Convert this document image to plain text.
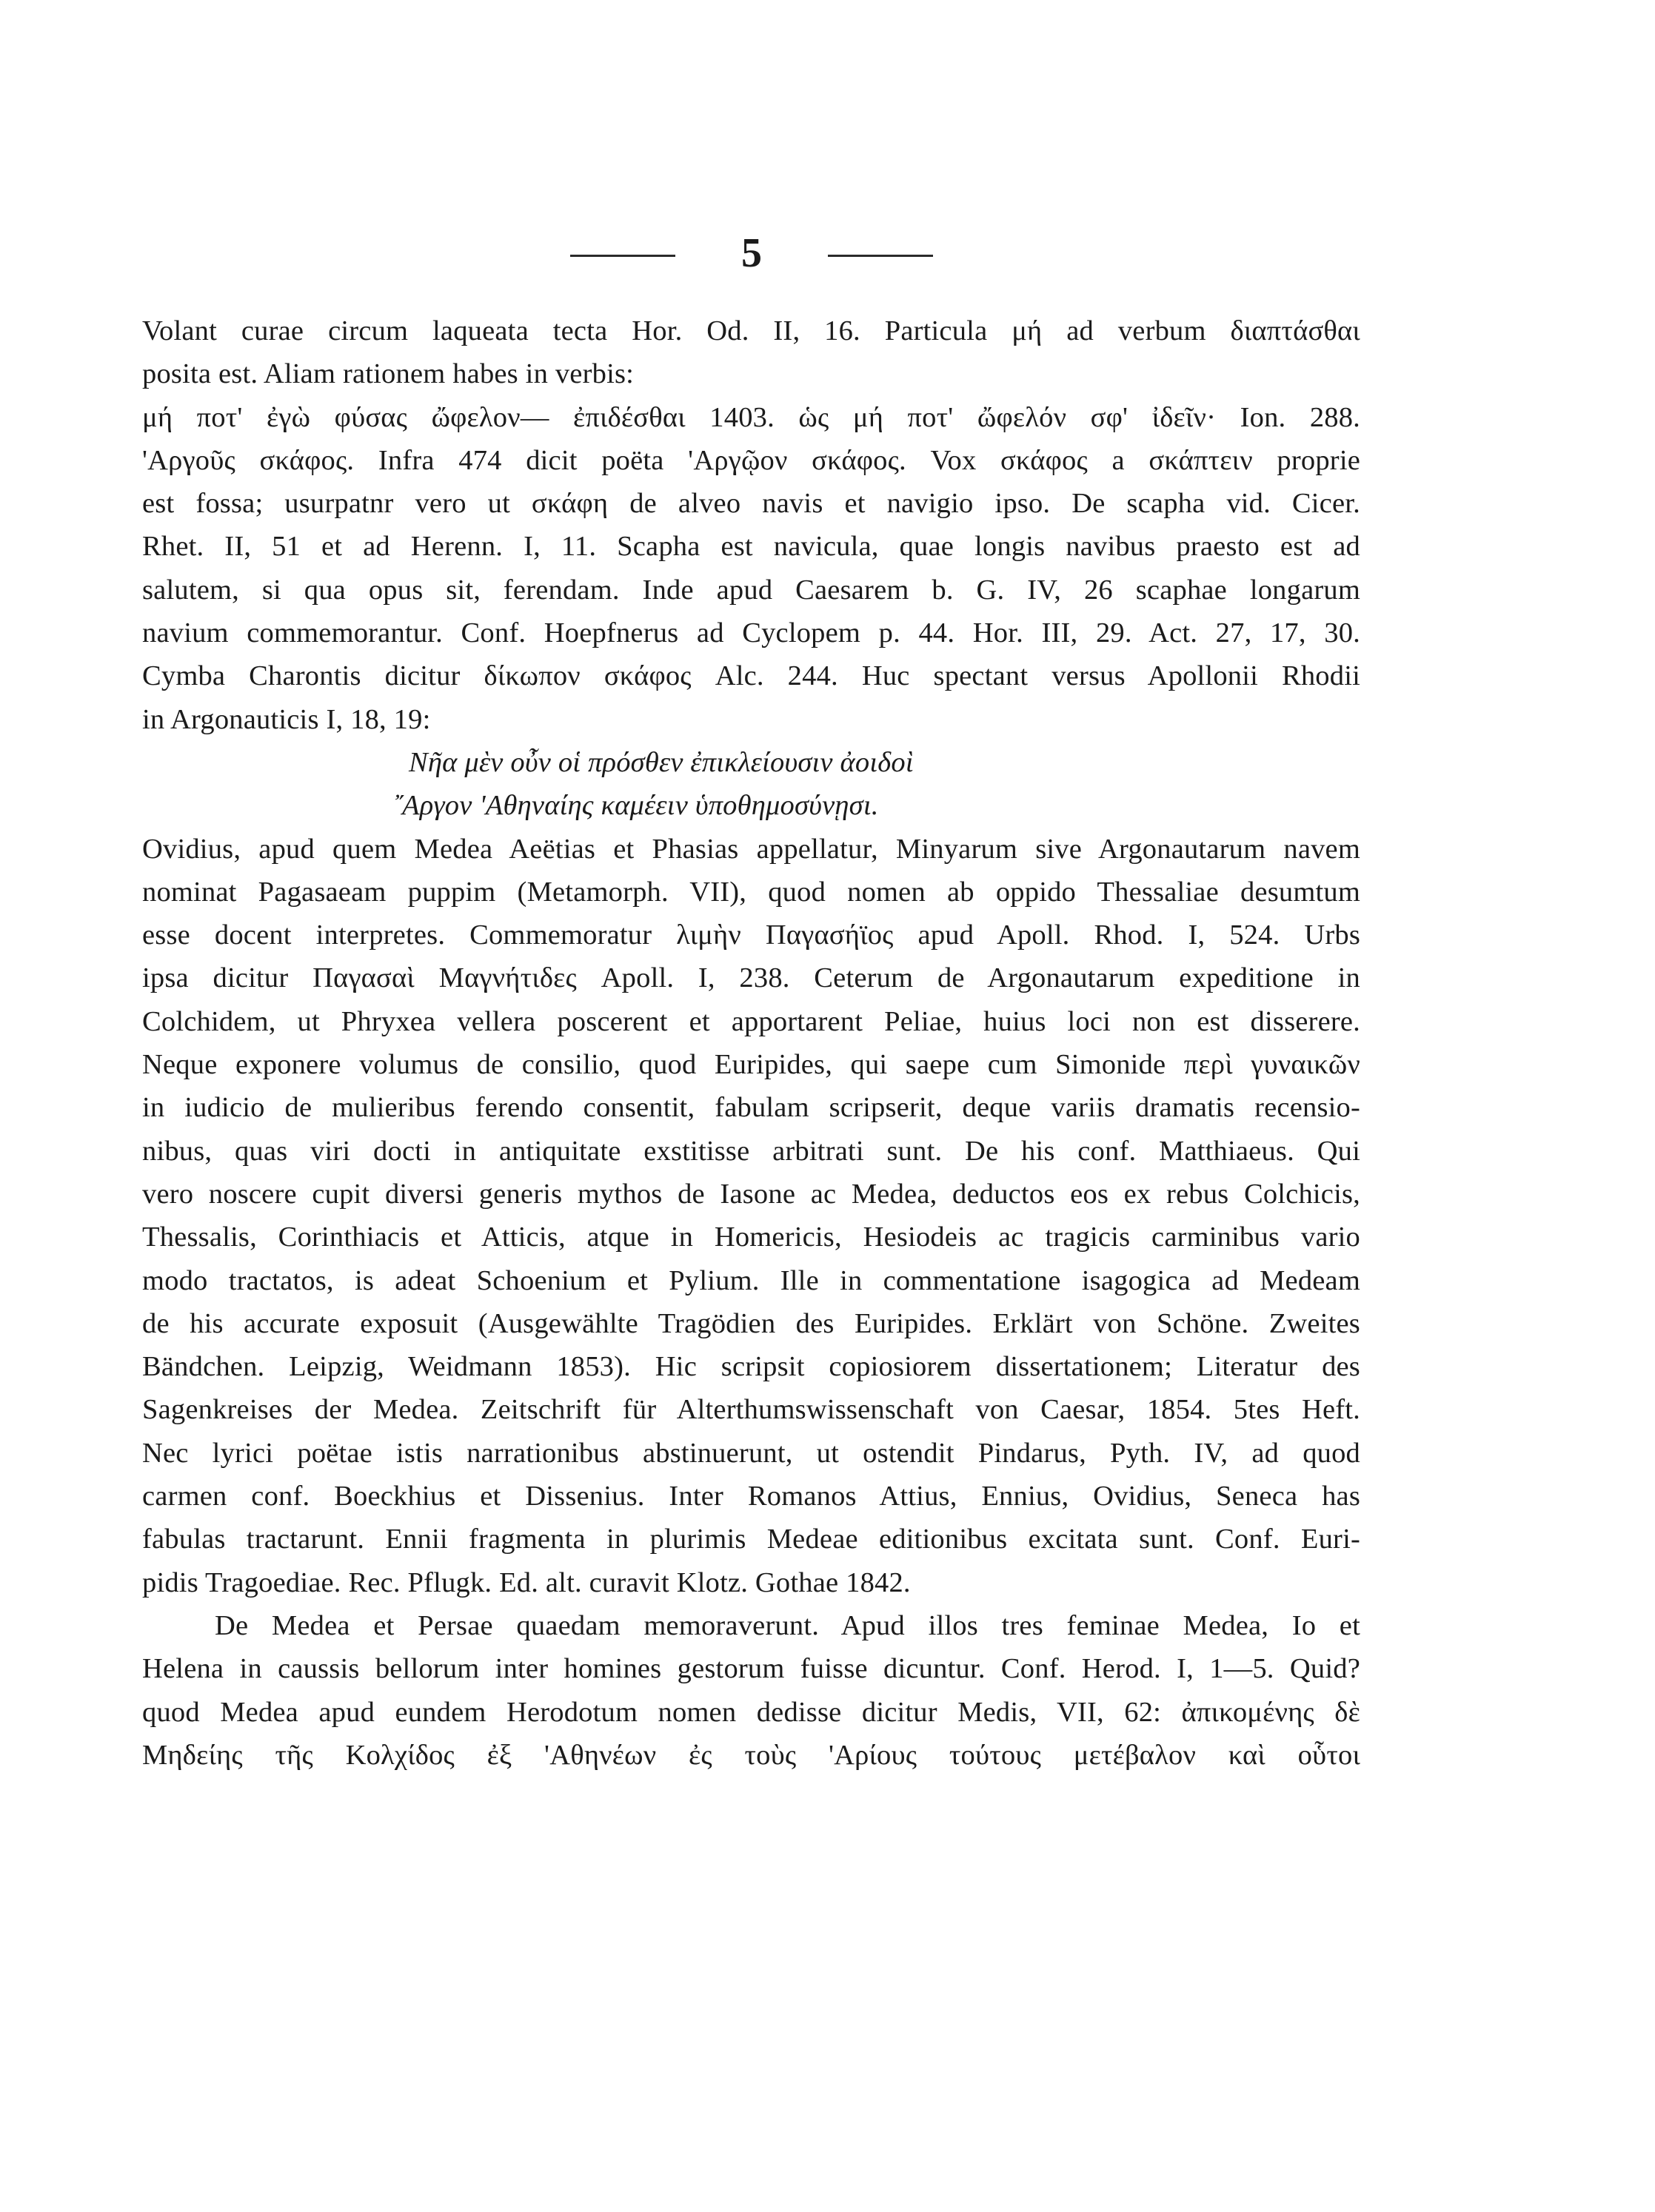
5
Volant curae circum laqueata tecta Hor. Od. II, 16. Particula μή ad verbum διαπτάσθαι
posita est. Aliam rationem habes in verbis:
μή ποτ' ἐγὼ φύσας ὤφελον— ἐπιδέσθαι 1403. ὡς μή ποτ' ὤφελόν σφ' ἰδεῖν· Ion. 288.
'Αργοῦς σκάφος. Infra 474 dicit poëta 'Αργῷον σκάφος. Vox σκάφος a σκάπτειν proprie
est fossa; usurpatnr vero ut σκάφη de alveo navis et navigio ipso. De scapha vid. Cicer.
Rhet. II, 51 et ad Herenn. I, 11. Scapha est navicula, quae longis navibus praesto est ad
salutem, si qua opus sit, ferendam. Inde apud Caesarem b. G. IV, 26 scaphae longarum
navium commemorantur. Conf. Hoepfnerus ad Cyclopem p. 44. Hor. III, 29. Act. 27, 17, 30.
Cymba Charontis dicitur δίκωπον σκάφος Alc. 244. Huc spectant versus Apollonii Rhodii
in Argonauticis I, 18, 19:
Νῆα μὲν οὖν οἱ πρόσθεν ἐπικλείουσιν ἀοιδοὶ
῎Αργον 'Αθηναίης καμέειν ὑποθημοσύνῃσι.
Ovidius, apud quem Medea Aeëtias et Phasias appellatur, Minyarum sive Argonautarum navem
nominat Pagasaeam puppim (Metamorph. VII), quod nomen ab oppido Thessaliae desumtum
esse docent interpretes. Commemoratur λιμὴν Παγασήϊος apud Apoll. Rhod. I, 524. Urbs
ipsa dicitur Παγασαὶ Μαγνήτιδες Apoll. I, 238. Ceterum de Argonautarum expeditione in
Colchidem, ut Phryxea vellera poscerent et apportarent Peliae, huius loci non est disserere.
Neque exponere volumus de consilio, quod Euripides, qui saepe cum Simonide περὶ γυναικῶν
in iudicio de mulieribus ferendo consentit, fabulam scripserit, deque variis dramatis recensio-
nibus, quas viri docti in antiquitate exstitisse arbitrati sunt. De his conf. Matthiaeus. Qui
vero noscere cupit diversi generis mythos de Iasone ac Medea, deductos eos ex rebus Colchicis,
Thessalis, Corinthiacis et Atticis, atque in Homericis, Hesiodeis ac tragicis carminibus vario
modo tractatos, is adeat Schoenium et Pylium. Ille in commentatione isagogica ad Medeam
de his accurate exposuit (Ausgewählte Tragödien des Euripides. Erklärt von Schöne. Zweites
Bändchen. Leipzig, Weidmann 1853). Hic scripsit copiosiorem dissertationem; Literatur des
Sagenkreises der Medea. Zeitschrift für Alterthumswissenschaft von Caesar, 1854. 5tes Heft.
Nec lyrici poëtae istis narrationibus abstinuerunt, ut ostendit Pindarus, Pyth. IV, ad quod
carmen conf. Boeckhius et Dissenius. Inter Romanos Attius, Ennius, Ovidius, Seneca has
fabulas tractarunt. Ennii fragmenta in plurimis Medeae editionibus excitata sunt. Conf. Euri-
pidis Tragoediae. Rec. Pflugk. Ed. alt. curavit Klotz. Gothae 1842.
De Medea et Persae quaedam memoraverunt. Apud illos tres feminae Medea, Io et
Helena in caussis bellorum inter homines gestorum fuisse dicuntur. Conf. Herod. I, 1—5. Quid?
quod Medea apud eundem Herodotum nomen dedisse dicitur Medis, VII, 62: ἀπικομένης δὲ
Μηδείης τῆς Κολχίδος ἐξ 'Αθηνέων ἐς τοὺς 'Αρίους τούτους μετέβαλον καὶ οὗτοι
